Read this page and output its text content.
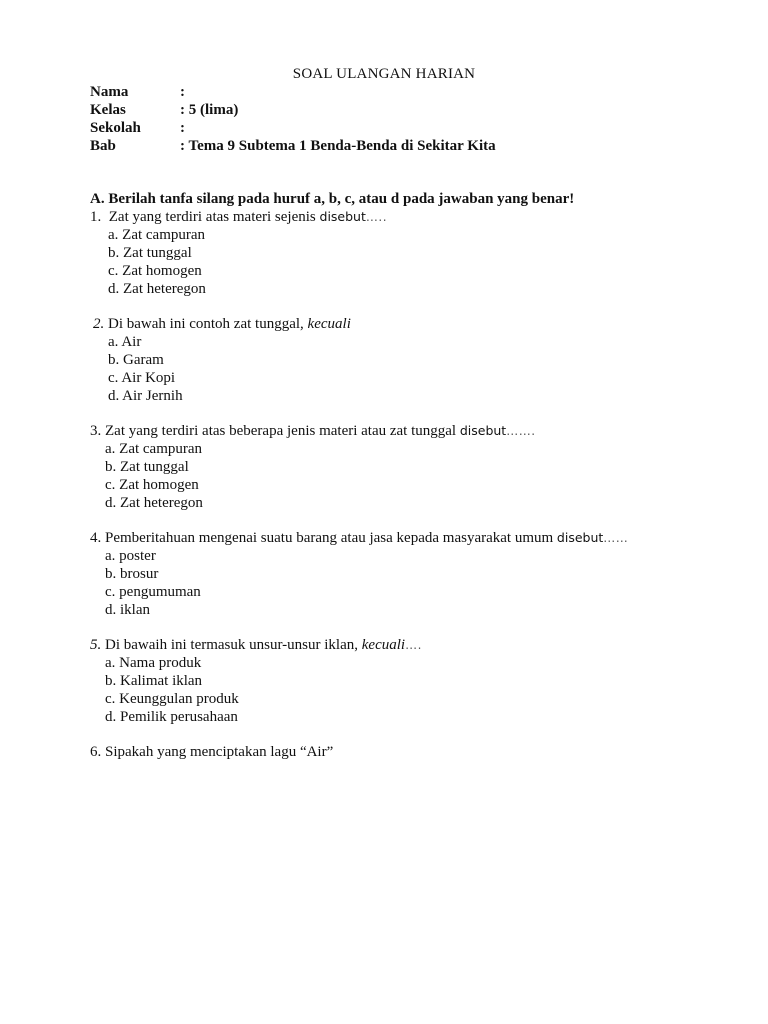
SOAL ULANGAN HARIAN
Nama	:
Kelas	: 5 (lima)
Sekolah	:
Bab	: Tema 9 Subtema 1 Benda-Benda di Sekitar Kita
A. Berilah tanfa silang pada huruf a, b, c, atau d pada jawaban yang benar!
1. Zat yang terdiri atas materi sejenis disebut…..
a. Zat campuran
b. Zat tunggal
c. Zat homogen
d. Zat heteregon
2. Di bawah ini contoh zat tunggal, kecuali
a. Air
b. Garam
c. Air Kopi
d. Air Jernih
3. Zat yang terdiri atas beberapa jenis materi atau zat tunggal disebut…….
a. Zat campuran
b. Zat tunggal
c. Zat homogen
d. Zat heteregon
4. Pemberitahuan mengenai suatu barang atau jasa kepada masyarakat umum disebut……
a. poster
b. brosur
c. pengumuman
d. iklan
5. Di bawaih ini termasuk unsur-unsur iklan, kecuali….
a. Nama produk
b. Kalimat iklan
c. Keunggulan produk
d. Pemilik perusahaan
6. Sipakah yang menciptakan lagu “Air”
